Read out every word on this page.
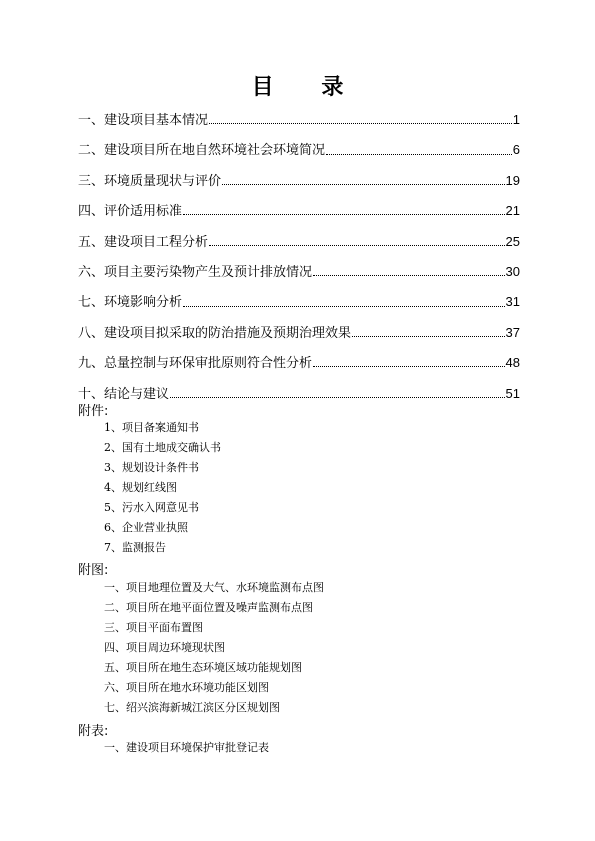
目 录
一、建设项目基本情况	1
二、建设项目所在地自然环境社会环境简况	6
三、环境质量现状与评价	19
四、评价适用标准	21
五、建设项目工程分析	25
六、项目主要污染物产生及预计排放情况	30
七、环境影响分析	31
八、建设项目拟采取的防治措施及预期治理效果	37
九、总量控制与环保审批原则符合性分析	48
十、结论与建议	51
附件:
1、项目备案通知书
2、国有土地成交确认书
3、规划设计条件书
4、规划红线图
5、污水入网意见书
6、企业营业执照
7、监测报告
附图:
一、项目地理位置及大气、水环境监测布点图
二、项目所在地平面位置及噪声监测布点图
三、项目平面布置图
四、项目周边环境现状图
五、项目所在地生态环境区域功能规划图
六、项目所在地水环境功能区划图
七、绍兴滨海新城江滨区分区规划图
附表:
一、建设项目环境保护审批登记表
